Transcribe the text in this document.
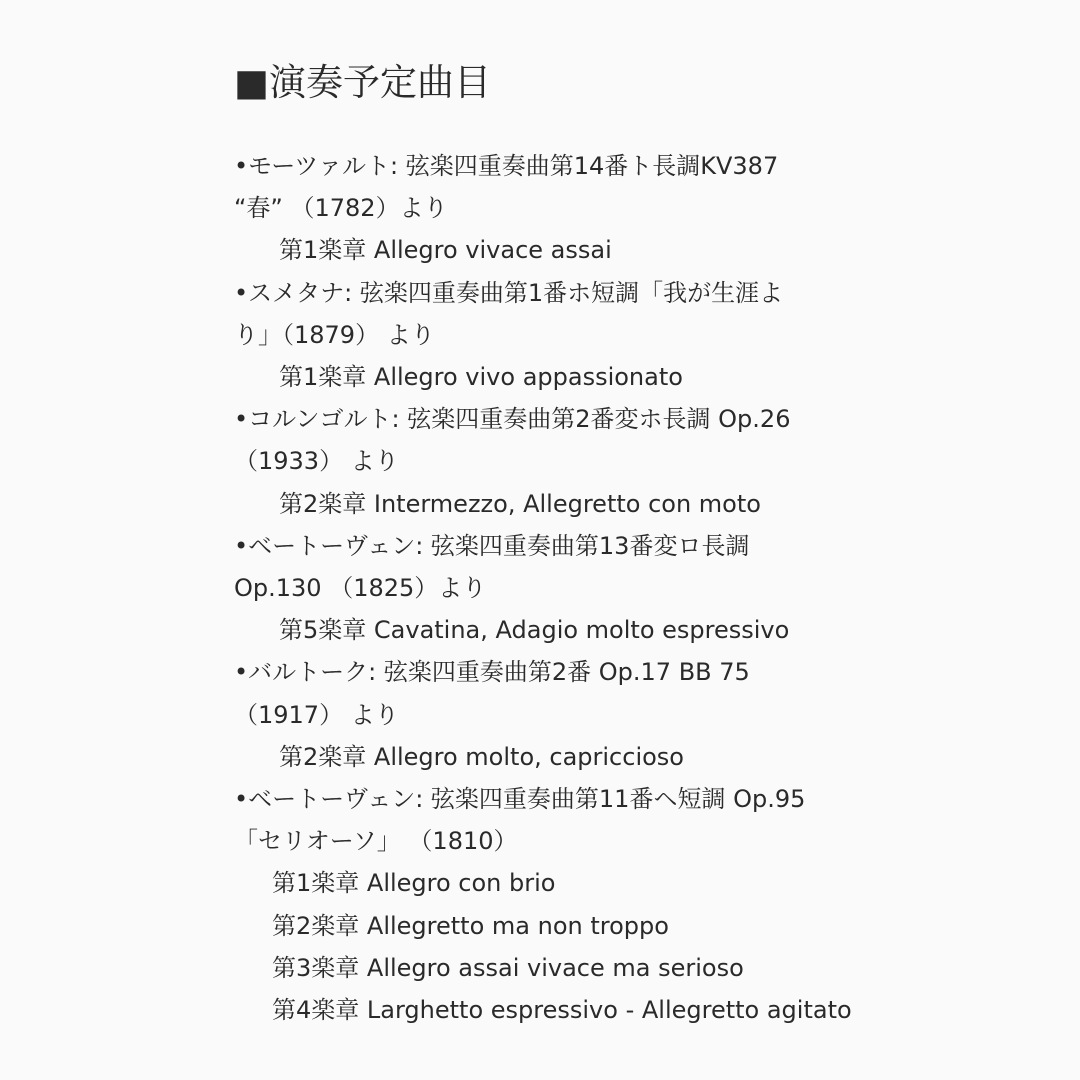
■演奏予定曲目
•モーツァルト: 弦楽四重奏曲第14番ト長調KV387
“春” （1782）より
第1楽章 Allegro vivace assai
•スメタナ: 弦楽四重奏曲第1番ホ短調「我が生涯よ
り」（1879） より
第1楽章 Allegro vivo appassionato
•コルンゴルト: 弦楽四重奏曲第2番変ホ長調 Op.26
（1933） より
第2楽章 Intermezzo, Allegretto con moto
•ベートーヴェン: 弦楽四重奏曲第13番変ロ長調
Op.130 （1825）より
第5楽章 Cavatina, Adagio molto espressivo
•バルトーク: 弦楽四重奏曲第2番 Op.17 BB 75
（1917） より
第2楽章 Allegro molto, capriccioso
•ベートーヴェン: 弦楽四重奏曲第11番ヘ短調 Op.95
「セリオーソ」 （1810）
第1楽章 Allegro con brio
第2楽章 Allegretto ma non troppo
第3楽章 Allegro assai vivace ma serioso
第4楽章 Larghetto espressivo - Allegretto agitato
